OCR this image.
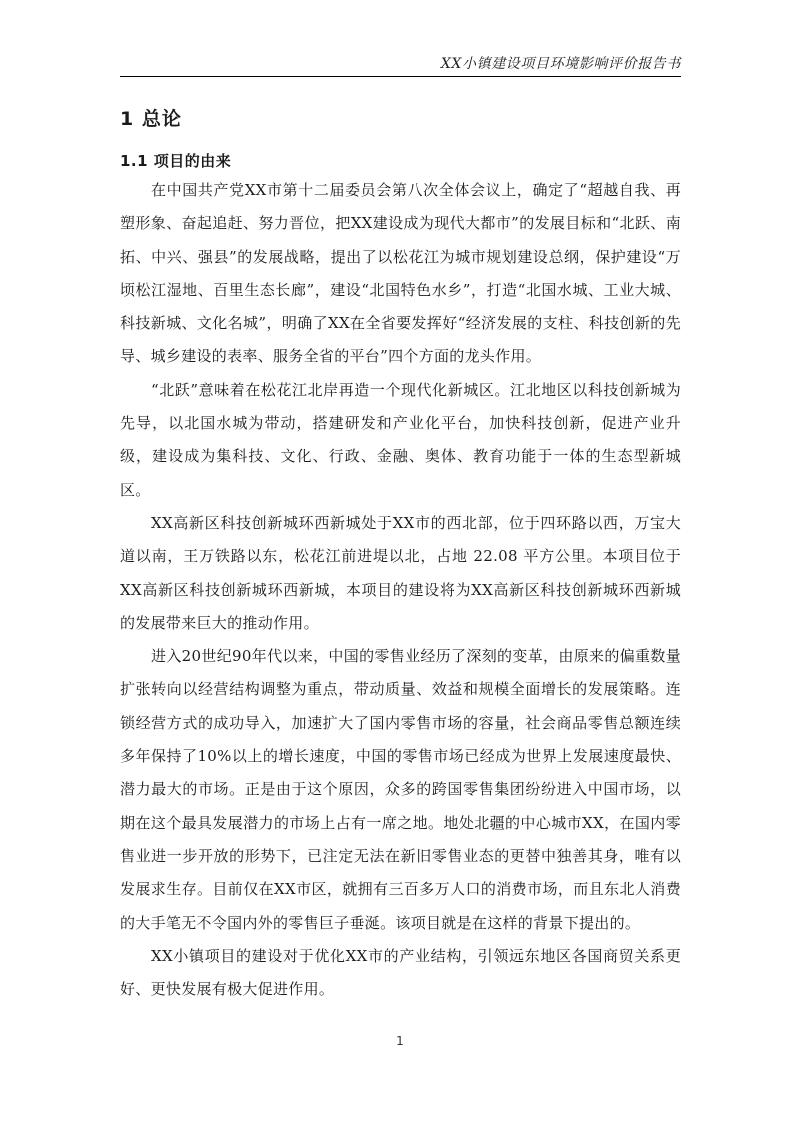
XX小镇建设项目环境影响评价报告书
1 总论
1.1 项目的由来

在中国共产党XX市第十二届委员会第八次全体会议上，确定了“超越自我、再塑形象、奋起追赶、努力晋位，把XX建设成为现代大都市”的发展目标和“北跃、南拓、中兴、强县”的发展战略，提出了以松花江为城市规划建设总纲，保护建设“万顷松江湿地、百里生态长廊”，建设“北国特色水乡”，打造“北国水城、工业大城、科技新城、文化名城”，明确了XX在全省要发挥好“经济发展的支柱、科技创新的先导、城乡建设的表率、服务全省的平台”四个方面的龙头作用。

“北跃”意味着在松花江北岸再造一个现代化新城区。江北地区以科技创新城为先导，以北国水城为带动，搭建研发和产业化平台，加快科技创新，促进产业升级，建设成为集科技、文化、行政、金融、奥体、教育功能于一体的生态型新城区。

XX高新区科技创新城环西新城处于XX市的西北部，位于四环路以西，万宝大道以南，王万铁路以东，松花江前进堤以北，占地 22.08 平方公里。本项目位于XX高新区科技创新城环西新城，本项目的建设将为XX高新区科技创新城环西新城的发展带来巨大的推动作用。

进入20世纪90年代以来，中国的零售业经历了深刻的变革，由原来的偏重数量扩张转向以经营结构调整为重点，带动质量、效益和规模全面增长的发展策略。连锁经营方式的成功导入，加速扩大了国内零售市场的容量，社会商品零售总额连续多年保持了10%以上的增长速度，中国的零售市场已经成为世界上发展速度最快、潜力最大的市场。正是由于这个原因，众多的跨国零售集团纷纷进入中国市场，以期在这个最具发展潜力的市场上占有一席之地。地处北疆的中心城市XX，在国内零售业进一步开放的形势下，已注定无法在新旧零售业态的更替中独善其身，唯有以发展求生存。目前仅在XX市区，就拥有三百多万人口的消费市场，而且东北人消费的大手笔无不令国内外的零售巨子垂涎。该项目就是在这样的背景下提出的。

XX小镇项目的建设对于优化XX市的产业结构，引领远东地区各国商贸关系更好、更快发展有极大促进作用。

1
